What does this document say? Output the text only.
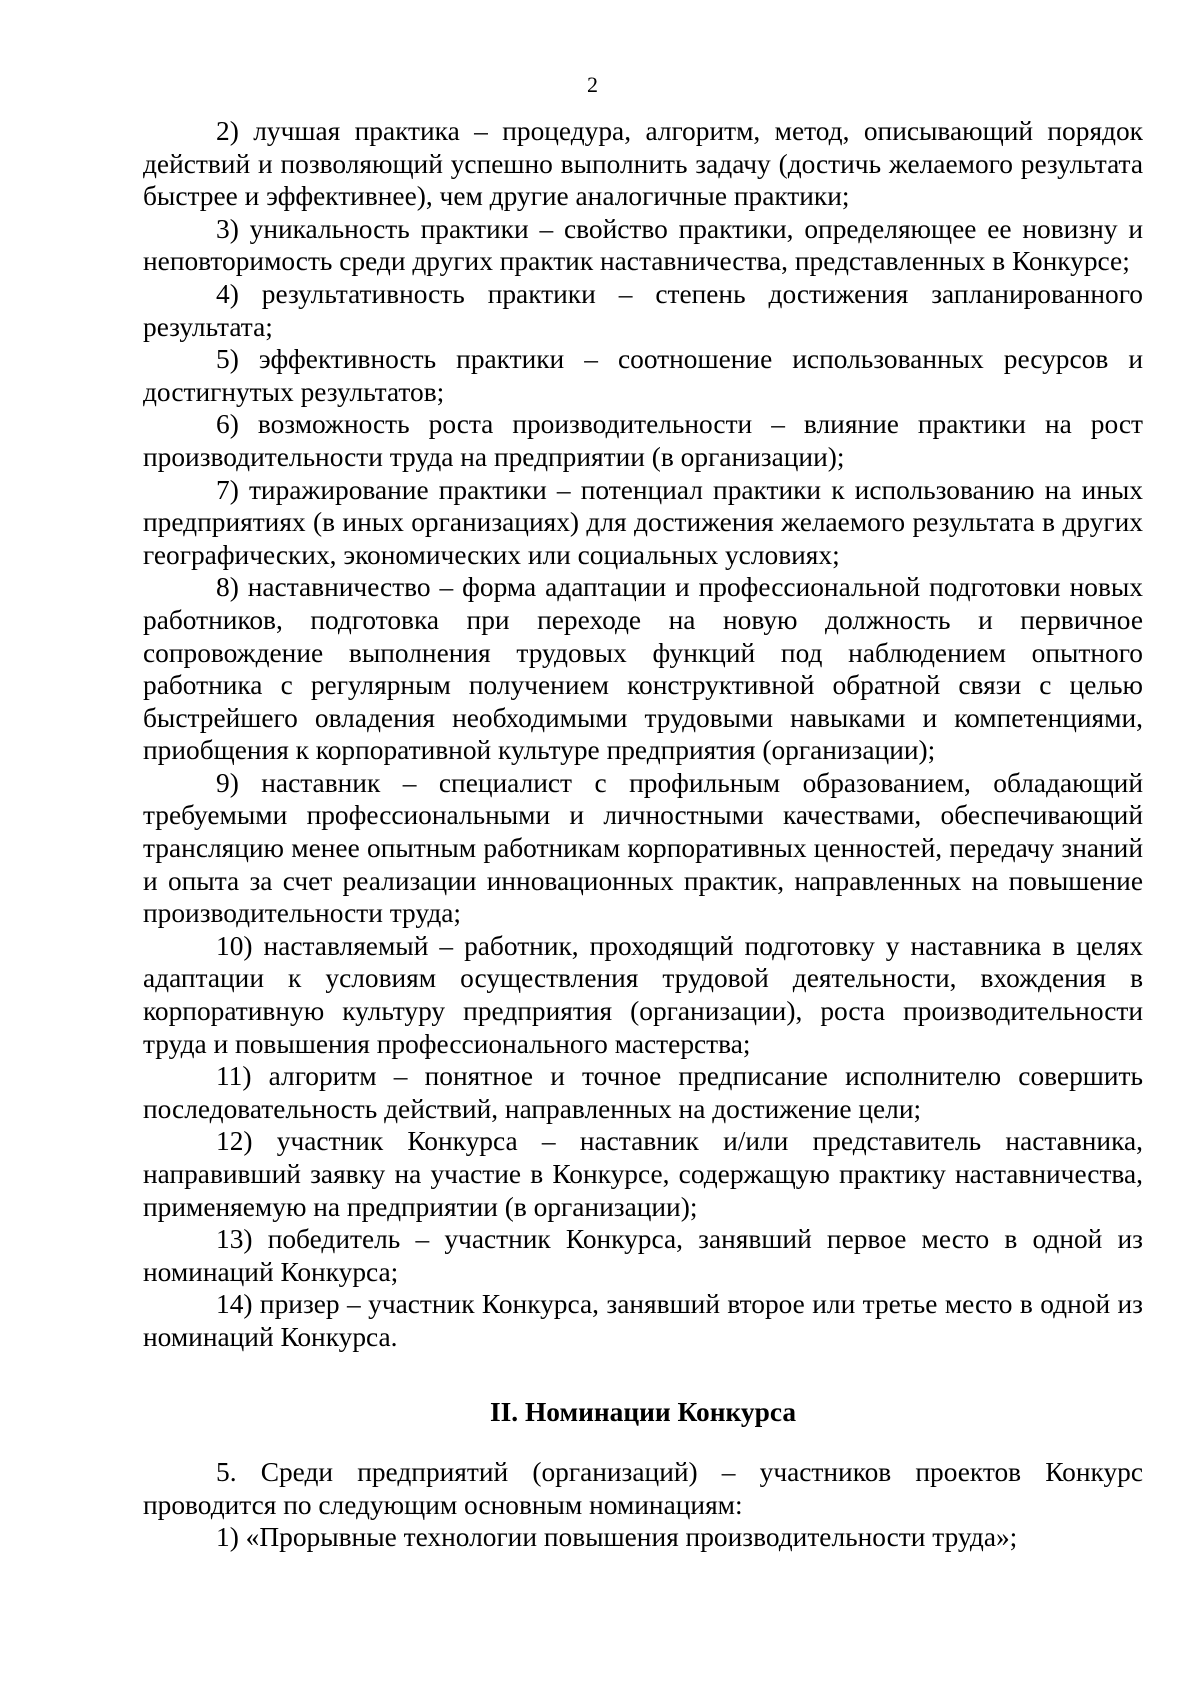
2

2) лучшая практика – процедура, алгоритм, метод, описывающий порядок действий и позволяющий успешно выполнить задачу (достичь желаемого результата быстрее и эффективнее), чем другие аналогичные практики;

3) уникальность практики – свойство практики, определяющее ее новизну и неповторимость среди других практик наставничества, представленных в Конкурсе;

4) результативность практики – степень достижения запланированного результата;

5) эффективность практики – соотношение использованных ресурсов и достигнутых результатов;

6) возможность роста производительности – влияние практики на рост производительности труда на предприятии (в организации);

7) тиражирование практики – потенциал практики к использованию на иных предприятиях (в иных организациях) для достижения желаемого результата в других географических, экономических или социальных условиях;

8) наставничество – форма адаптации и профессиональной подготовки новых работников, подготовка при переходе на новую должность и первичное сопровождение выполнения трудовых функций под наблюдением опытного работника с регулярным получением конструктивной обратной связи с целью быстрейшего овладения необходимыми трудовыми навыками и компетенциями, приобщения к корпоративной культуре предприятия (организации);

9) наставник – специалист с профильным образованием, обладающий требуемыми профессиональными и личностными качествами, обеспечивающий трансляцию менее опытным работникам корпоративных ценностей, передачу знаний и опыта за счет реализации инновационных практик, направленных на повышение производительности труда;

10) наставляемый – работник, проходящий подготовку у наставника в целях адаптации к условиям осуществления трудовой деятельности, вхождения в корпоративную культуру предприятия (организации), роста производительности труда и повышения профессионального мастерства;

11) алгоритм – понятное и точное предписание исполнителю совершить последовательность действий, направленных на достижение цели;

12) участник Конкурса – наставник и/или представитель наставника, направивший заявку на участие в Конкурсе, содержащую практику наставничества, применяемую на предприятии (в организации);

13) победитель – участник Конкурса, занявший первое место в одной из номинаций Конкурса;

14) призер – участник Конкурса, занявший второе или третье место в одной из номинаций Конкурса.

II. Номинации Конкурса

5. Среди предприятий (организаций) – участников проектов Конкурс проводится по следующим основным номинациям:

1) «Прорывные технологии повышения производительности труда»;
